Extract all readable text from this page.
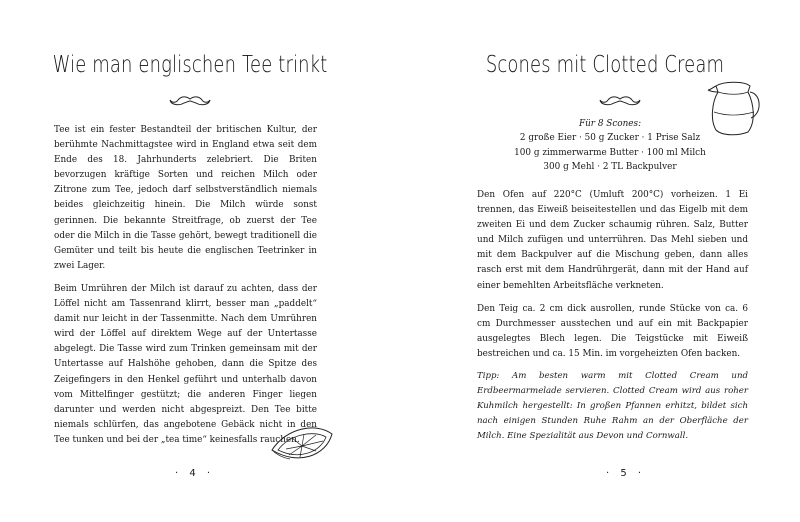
Wie man englischen Tee trinkt

Tee ist ein fester Bestandteil der britischen Kultur, der berühmte Nachmittagstee wird in England etwa seit dem Ende des 18. Jahrhunderts zelebriert. Die Briten bevorzugen kräftige Sorten und reichen Milch oder Zitrone zum Tee, jedoch darf selbstverständlich niemals beides gleichzeitig hinein. Die Milch würde sonst gerinnen. Die bekannte Streitfrage, ob zuerst der Tee oder die Milch in die Tasse gehört, bewegt traditionell die Gemüter und teilt bis heute die englischen Teetrinker in zwei Lager.

Beim Umrühren der Milch ist darauf zu achten, dass der Löffel nicht am Tassenrand klirrt, besser man „paddelt“ damit nur leicht in der Tassenmitte. Nach dem Umrühren wird der Löffel auf direktem Wege auf der Untertasse abgelegt. Die Tasse wird zum Trinken gemeinsam mit der Untertasse auf Halshöhe gehoben, dann die Spitze des Zeigefingers in den Henkel geführt und unterhalb davon vom Mittelfinger gestützt; die anderen Finger liegen darunter und werden nicht abgespreizt. Den Tee bitte niemals schlürfen, das angebotene Gebäck nicht in den Tee tunken und bei der „tea time“ keinesfalls rauchen.

· 4 ·
Scones mit Clotted Cream
Für 8 Scones:
2 große Eier · 50 g Zucker · 1 Prise Salz
100 g zimmerwarme Butter · 100 ml Milch
300 g Mehl · 2 TL Backpulver

Den Ofen auf 220°C (Umluft 200°C) vorheizen. 1 Ei trennen, das Eiweiß beiseitestellen und das Eigelb mit dem zweiten Ei und dem Zucker schaumig rühren. Salz, Butter und Milch zufügen und unterrühren. Das Mehl sieben und mit dem Backpulver auf die Mischung geben, dann alles rasch erst mit dem Handrührgerät, dann mit der Hand auf einer bemehlten Arbeitsfläche verkneten.

Den Teig ca. 2 cm dick ausrollen, runde Stücke von ca. 6 cm Durchmesser ausstechen und auf ein mit Backpapier ausgelegtes Blech legen. Die Teigstücke mit Eiweiß bestreichen und ca. 15 Min. im vorgeheizten Ofen backen.

Tipp: Am besten warm mit Clotted Cream und Erdbeermarmelade servieren. Clotted Cream wird aus roher Kuhmilch hergestellt: In großen Pfannen erhitzt, bildet sich nach einigen Stunden Ruhe Rahm an der Oberfläche der Milch. Eine Spezialität aus Devon und Cornwall.
· 5 ·
